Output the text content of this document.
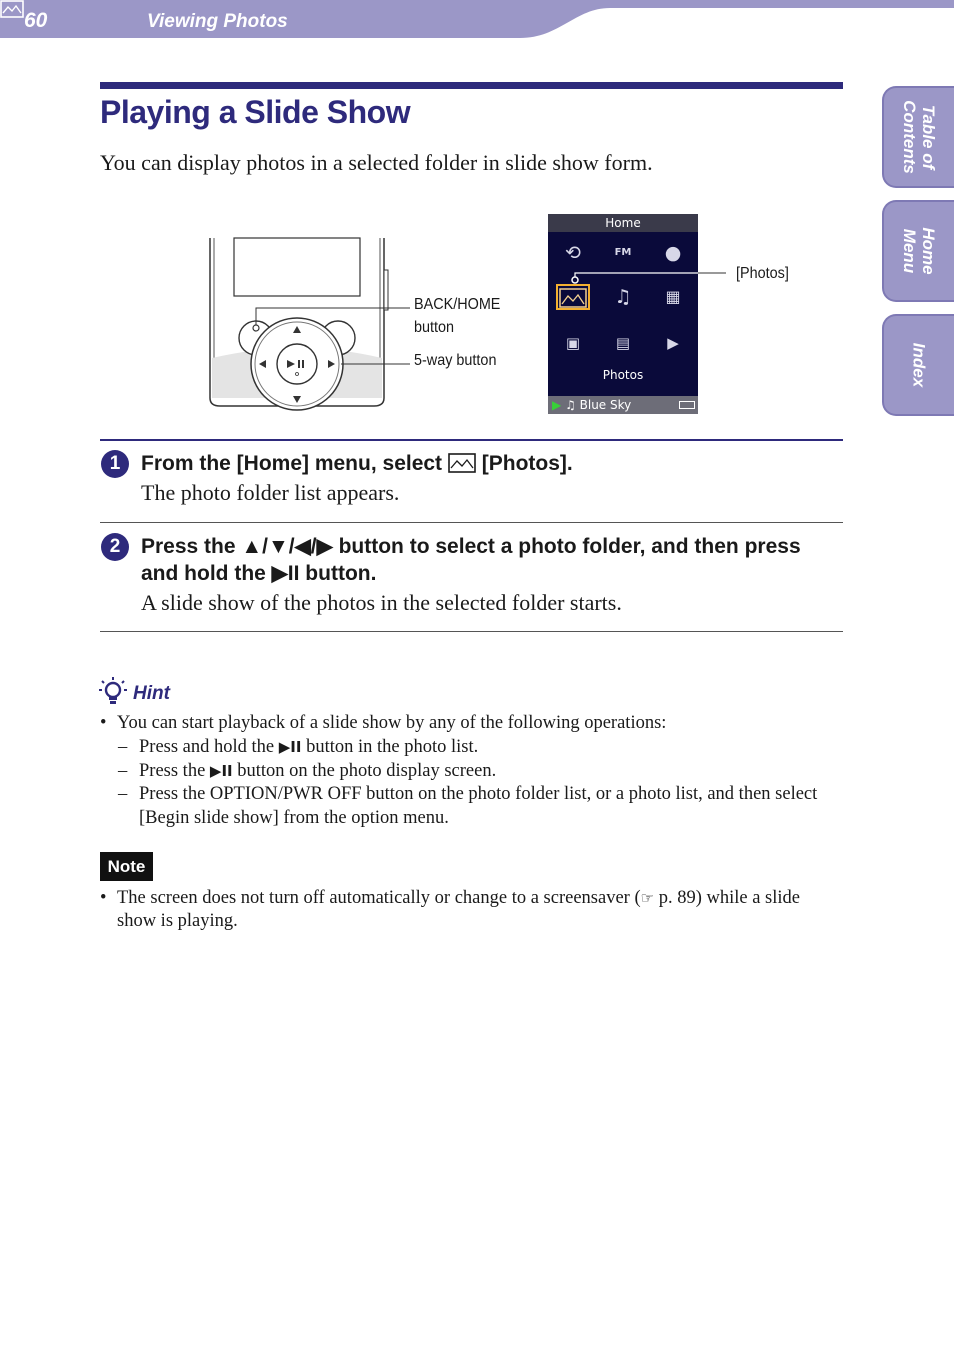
60	Viewing Photos
Table of
Contents
Home
Menu
Index
Playing a Slide Show

You can display photos in a selected folder in slide show form.

BACK/HOME
button
5-way button
Home
⟲	FM	●
♫	▦
▣	▤	▶
Photos
▶ ♫ Blue Sky
[Photos]
1 From the [Home] menu, select [Photos].

The photo folder list appears.

2 Press the ▲/▼/◀/▶ button to select a photo folder, and then press
and hold the ▶II button.

A slide show of the photos in the selected folder starts.

Hint
• You can start playback of a slide show by any of the following operations:
– Press and hold the ▶II button in the photo list.
– Press the ▶II button on the photo display screen.
– Press the OPTION/PWR OFF button on the photo folder list, or a photo list, and then select [Begin slide show] from the option menu.
Note
• The screen does not turn off automatically or change to a screensaver (☞ p. 89) while a slide show is playing.
